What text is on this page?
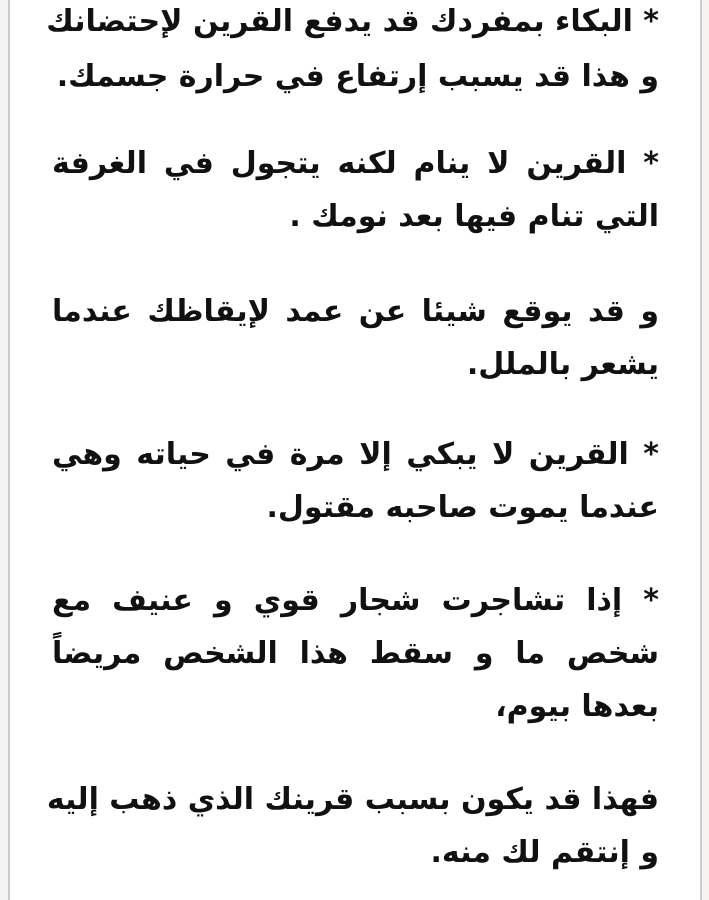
* البكاء بمفردك قد يدفع القرين لإحتضانك
و هذا قد يسبب إرتفاع في حرارة جسمك.
* القرين لا ينام لكنه يتجول في الغرفة
التي تنام فيها بعد نومك .
و قد يوقع شيئا عن عمد لإيقاظك عندما
يشعر بالملل.
* القرين لا يبكي إلا مرة في حياته وهي
عندما يموت صاحبه مقتول.
* إذا تشاجرت شجار قوي و عنيف مع
شخص ما و سقط هذا الشخص مريضاً
بعدها بيوم،
فهذا قد يكون بسبب قرينك الذي ذهب إليه
و إنتقم لك منه.
